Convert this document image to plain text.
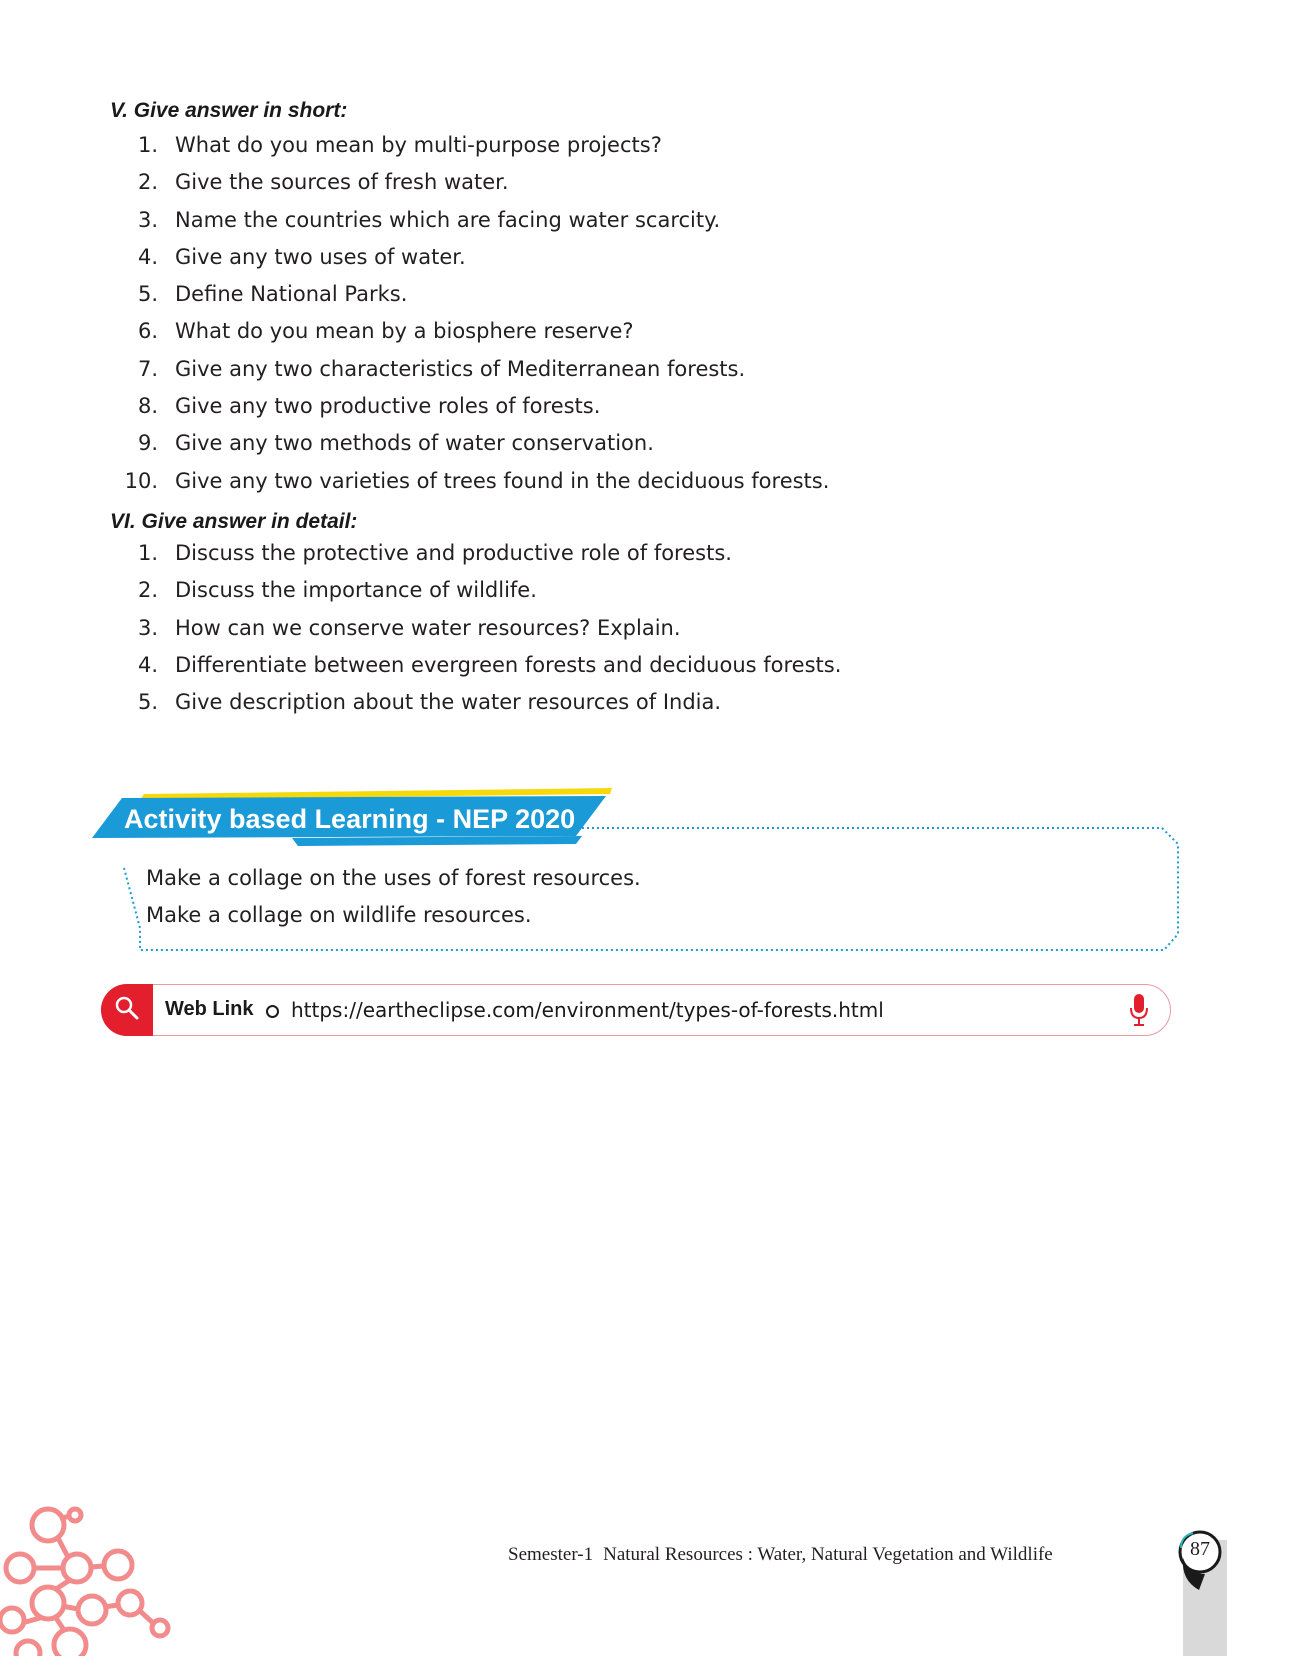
V. Give answer in short:
1. What do you mean by multi-purpose projects?
2. Give the sources of fresh water.
3. Name the countries which are facing water scarcity.
4. Give any two uses of water.
5. Define National Parks.
6. What do you mean by a biosphere reserve?
7. Give any two characteristics of Mediterranean forests.
8. Give any two productive roles of forests.
9. Give any two methods of water conservation.
10. Give any two varieties of trees found in the deciduous forests.
VI. Give answer in detail:
1. Discuss the protective and productive role of forests.
2. Discuss the importance of wildlife.
3. How can we conserve water resources? Explain.
4. Differentiate between evergreen forests and deciduous forests.
5. Give description about the water resources of India.
Activity based Learning - NEP 2020
Make a collage on the uses of forest resources.
Make a collage on wildlife resources.
Web Link https://eartheclipse.com/environment/types-of-forests.html
Semester-1 Natural Resources : Water, Natural Vegetation and Wildlife	87
